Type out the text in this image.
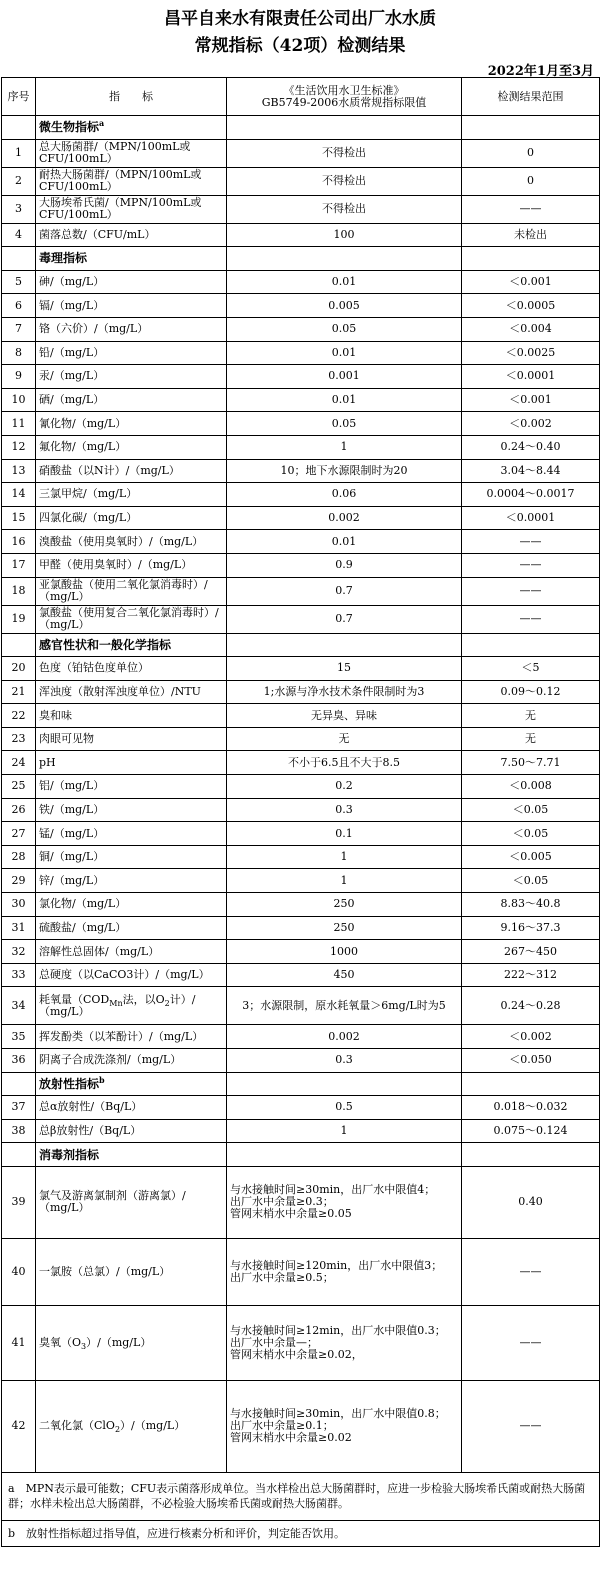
昌平自来水有限责任公司出厂水水质
常规指标（42项）检测结果
2022年1月至3月
序号	指　　标	《生活饮用水卫生标准》
GB5749-2006水质常规指标限值	检测结果范围
	微生物指标$^a$		
1	总大肠菌群/（MPN/100mL或CFU/100mL）	不得检出	0
2	耐热大肠菌群/（MPN/100mL或CFU/100mL）	不得检出	0
3	大肠埃希氏菌/（MPN/100mL或CFU/100mL）	不得检出	——
4	菌落总数/（CFU/mL）	100	未检出
	毒理指标		
5	砷/（mg/L）	0.01	＜0.001
6	镉/（mg/L）	0.005	＜0.0005
7	铬（六价）/（mg/L）	0.05	＜0.004
8	铅/（mg/L）	0.01	＜0.0025
9	汞/（mg/L）	0.001	＜0.0001
10	硒/（mg/L）	0.01	＜0.001
11	氰化物/（mg/L）	0.05	＜0.002
12	氟化物/（mg/L）	1	0.24～0.40
13	硝酸盐（以N计）/（mg/L）	10；地下水源限制时为20	3.04～8.44
14	三氯甲烷/（mg/L）	0.06	0.0004～0.0017
15	四氯化碳/（mg/L）	0.002	＜0.0001
16	溴酸盐（使用臭氧时）/（mg/L）	0.01	——
17	甲醛（使用臭氧时）/（mg/L）	0.9	——
18	亚氯酸盐（使用二氧化氯消毒时）/（mg/L）	0.7	——
19	氯酸盐（使用复合二氧化氯消毒时）/（mg/L）	0.7	——
	感官性状和一般化学指标		
20	色度（铂钴色度单位）	15	＜5
21	浑浊度（散射浑浊度单位）/NTU	1;水源与净水技术条件限制时为3	0.09～0.12
22	臭和味	无异臭、异味	无
23	肉眼可见物	无	无
24	pH	不小于6.5且不大于8.5	7.50～7.71
25	铝/（mg/L）	0.2	＜0.008
26	铁/（mg/L）	0.3	＜0.05
27	锰/（mg/L）	0.1	＜0.05
28	铜/（mg/L）	1	＜0.005
29	锌/（mg/L）	1	＜0.05
30	氯化物/（mg/L）	250	8.83～40.8
31	硫酸盐/（mg/L）	250	9.16～37.3
32	溶解性总固体/（mg/L）	1000	267～450
33	总硬度（以CaCO3计）/（mg/L）	450	222～312
34	耗氧量（$COD_{Mn}$法，以$O_2$计）/（mg/L）	3；水源限制，原水耗氧量＞6mg/L时为5	0.24～0.28
35	挥发酚类（以苯酚计）/（mg/L）	0.002	＜0.002
36	阴离子合成洗涤剂/（mg/L）	0.3	＜0.050
	放射性指标$^b$		
37	总α放射性/（Bq/L）	0.5	0.018～0.032
38	总β放射性/（Bq/L）	1	0.075～0.124
	消毒剂指标		
39	氯气及游离氯制剂（游离氯）/（mg/L）	与水接触时间≥30min，出厂水中限值4；
出厂水中余量≥0.3；
管网末梢水中余量≥0.05	0.40
40	一氯胺（总氯）/（mg/L）	与水接触时间≥120min，出厂水中限值3；
出厂水中余量≥0.5；	——
41	臭氧$(O_3)/(mg/L)$	与水接触时间≥12min，出厂水中限值0.3；
出厂水中余量—；
管网末梢水中余量≥0.02，	——
42	二氧化氯（ClO$_2$）/（mg/L）	与水接触时间≥30min，出厂水中限值0.8；
出厂水中余量≥0.1；
管网末梢水中余量≥0.02	——
a　 MPN表示最可能数；CFU表示菌落形成单位。当水样检出总大肠菌群时，应进一步检验大肠埃希氏菌或耐热大肠菌群；水样未检出总大肠菌群，不必检验大肠埃希氏菌或耐热大肠菌群。			
b　 放射性指标超过指导值，应进行核素分析和评价，判定能否饮用。			
